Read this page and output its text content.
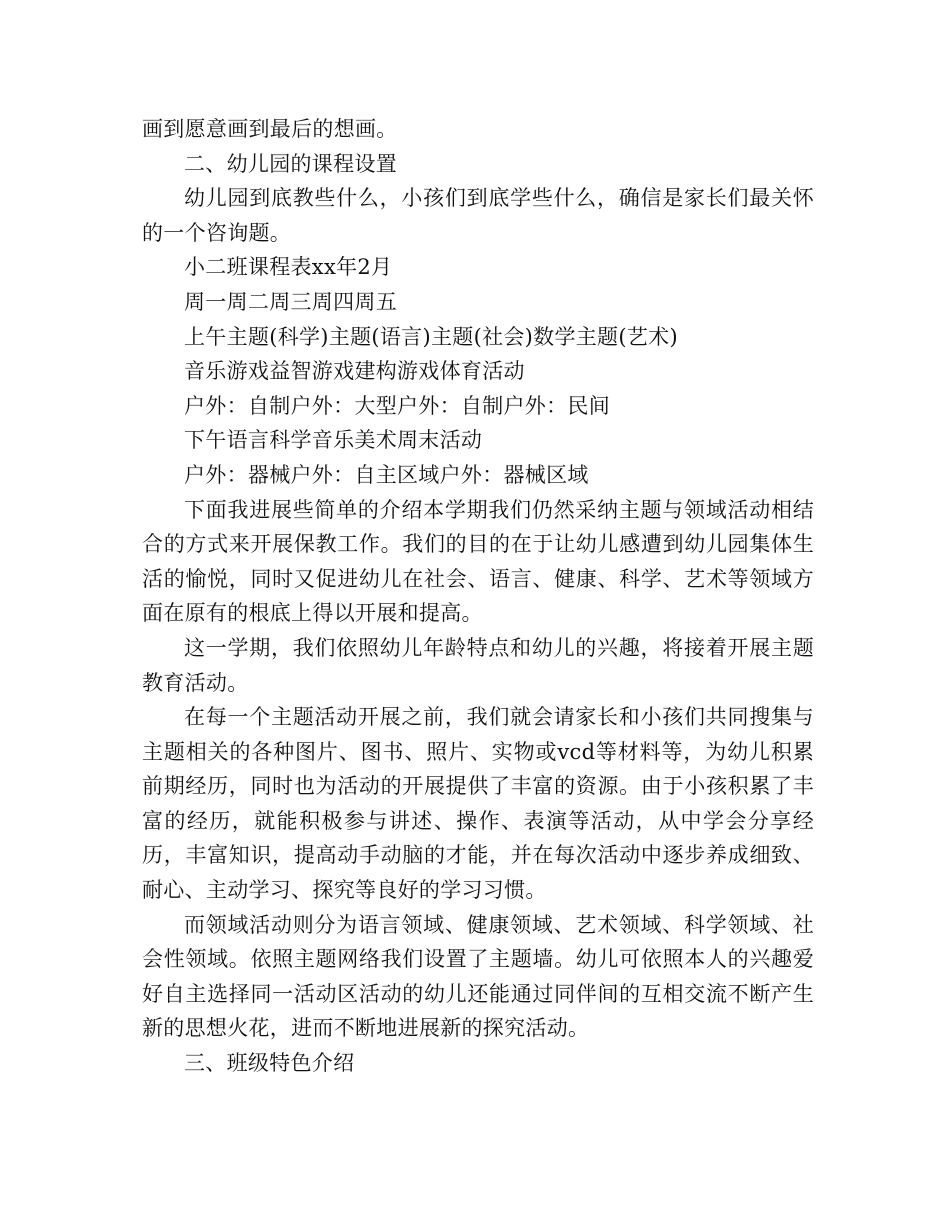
画到愿意画到最后的想画。

二、幼儿园的课程设置

幼儿园到底教些什么，小孩们到底学些什么，确信是家长们最关怀的一个咨询题。

小二班课程表xx年2月

周一周二周三周四周五

上午主题(科学)主题(语言)主题(社会)数学主题(艺术)

音乐游戏益智游戏建构游戏体育活动

户外：自制户外：大型户外：自制户外：民间

下午语言科学音乐美术周末活动

户外：器械户外：自主区域户外：器械区域

下面我进展些简单的介绍本学期我们仍然采纳主题与领域活动相结合的方式来开展保教工作。我们的目的在于让幼儿感遭到幼儿园集体生活的愉悦，同时又促进幼儿在社会、语言、健康、科学、艺术等领域方面在原有的根底上得以开展和提高。

这一学期，我们依照幼儿年龄特点和幼儿的兴趣，将接着开展主题教育活动。

在每一个主题活动开展之前，我们就会请家长和小孩们共同搜集与主题相关的各种图片、图书、照片、实物或vcd等材料等，为幼儿积累前期经历，同时也为活动的开展提供了丰富的资源。由于小孩积累了丰富的经历，就能积极参与讲述、操作、表演等活动，从中学会分享经历，丰富知识，提高动手动脑的才能，并在每次活动中逐步养成细致、耐心、主动学习、探究等良好的学习习惯。

而领域活动则分为语言领域、健康领域、艺术领域、科学领域、社会性领域。依照主题网络我们设置了主题墙。幼儿可依照本人的兴趣爱好自主选择同一活动区活动的幼儿还能通过同伴间的互相交流不断产生新的思想火花，进而不断地进展新的探究活动。

三、班级特色介绍
